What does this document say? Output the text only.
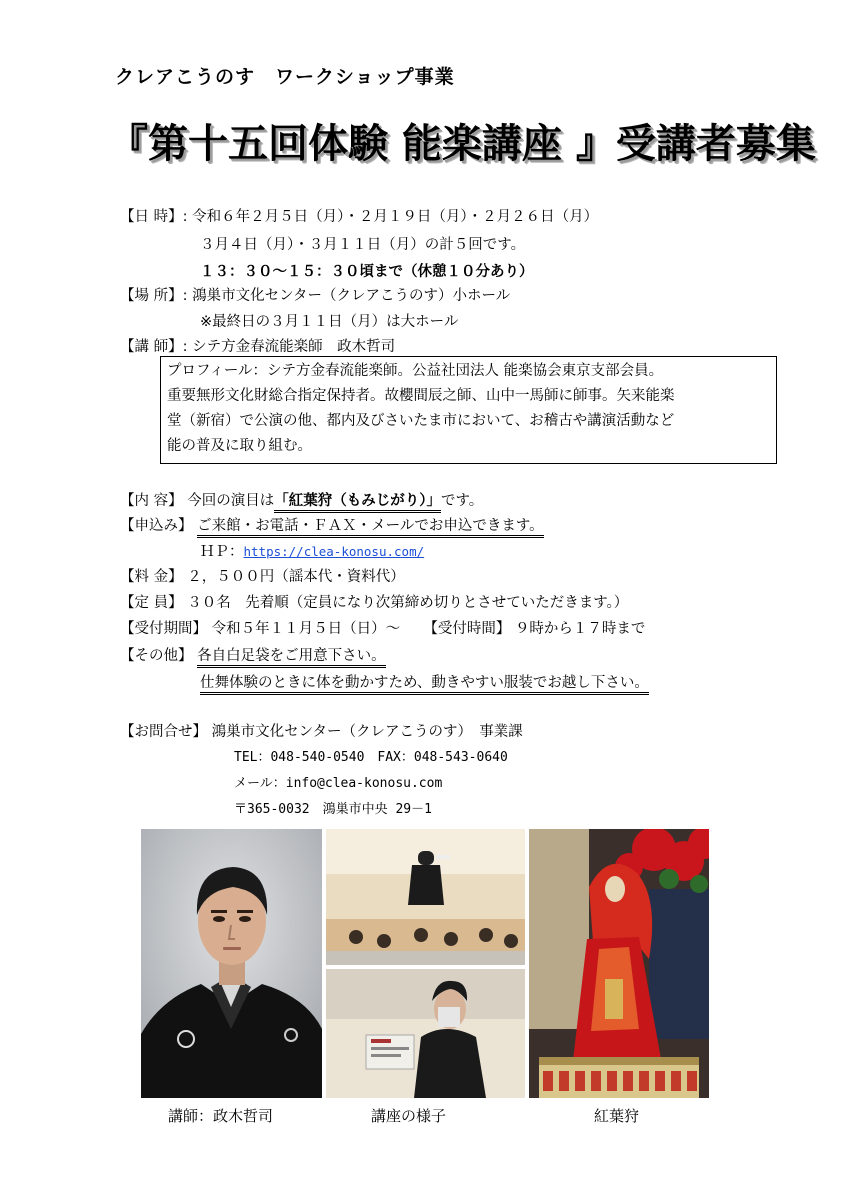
クレアこうのす　ワークショップ事業
『第十五回体験 能楽講座 』受講者募集
【日 時】: 令和６年２月５日（月）・２月１９日（月）・２月２６日（月）
３月４日（月）・３月１１日（月）の計５回です。
１３：３０～１５：３０頃まで（休憩１０分あり）
【場 所】: 鴻巣市文化センター（クレアこうのす）小ホール
※最終日の３月１１日（月）は大ホール
【講 師】: シテ方金春流能楽師　政木哲司
プロフィール：シテ方金春流能楽師。公益社団法人 能楽協会東京支部会員。
重要無形文化財総合指定保持者。故櫻間辰之師、山中一馬師に師事。矢来能楽
堂（新宿）で公演の他、都内及びさいたま市において、お稽古や講演活動など
能の普及に取り組む。
【内 容】 今回の演目は「紅葉狩（もみじがり）」です。
【申込み】 ご来館・お電話・ＦＡＸ・メールでお申込できます。
ＨＰ：https://clea-konosu.com/
【料 金】 ２，５００円（謡本代・資料代）
【定 員】 ３０名　先着順（定員になり次第締め切りとさせていただきます。）
【受付期間】 令和５年１１月５日（日）～ 【受付時間】 ９時から１７時まで
【その他】 各自白足袋をご用意下さい。
仕舞体験のときに体を動かすため、動きやすい服装でお越し下さい。
【お問合せ】 鴻巣市文化センター（クレアこうのす）　事業課
TEL：048-540-0540　FAX：048-543-0640
メール：info@clea-konosu.com
〒365‐0032　鴻巣市中央 29－1
講師：政木哲司	講座の様子	紅葉狩
